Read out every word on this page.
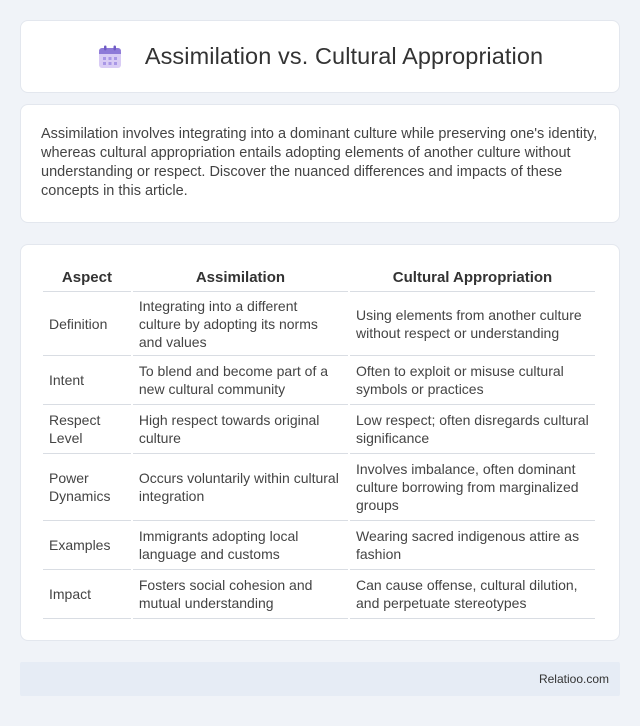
Assimilation vs. Cultural Appropriation

Assimilation involves integrating into a dominant culture while preserving one's identity, whereas cultural appropriation entails adopting elements of another culture without understanding or respect. Discover the nuanced differences and impacts of these concepts in this article.

Aspect	Assimilation	Cultural Appropriation
Definition	Integrating into a different culture by adopting its norms and values	Using elements from another culture without respect or understanding
Intent	To blend and become part of a new cultural community	Often to exploit or misuse cultural symbols or practices
Respect Level	High respect towards original culture	Low respect; often disregards cultural significance
Power Dynamics	Occurs voluntarily within cultural integration	Involves imbalance, often dominant culture borrowing from marginalized groups
Examples	Immigrants adopting local language and customs	Wearing sacred indigenous attire as fashion
Impact	Fosters social cohesion and mutual understanding	Can cause offense, cultural dilution, and perpetuate stereotypes
Relatioo.com
